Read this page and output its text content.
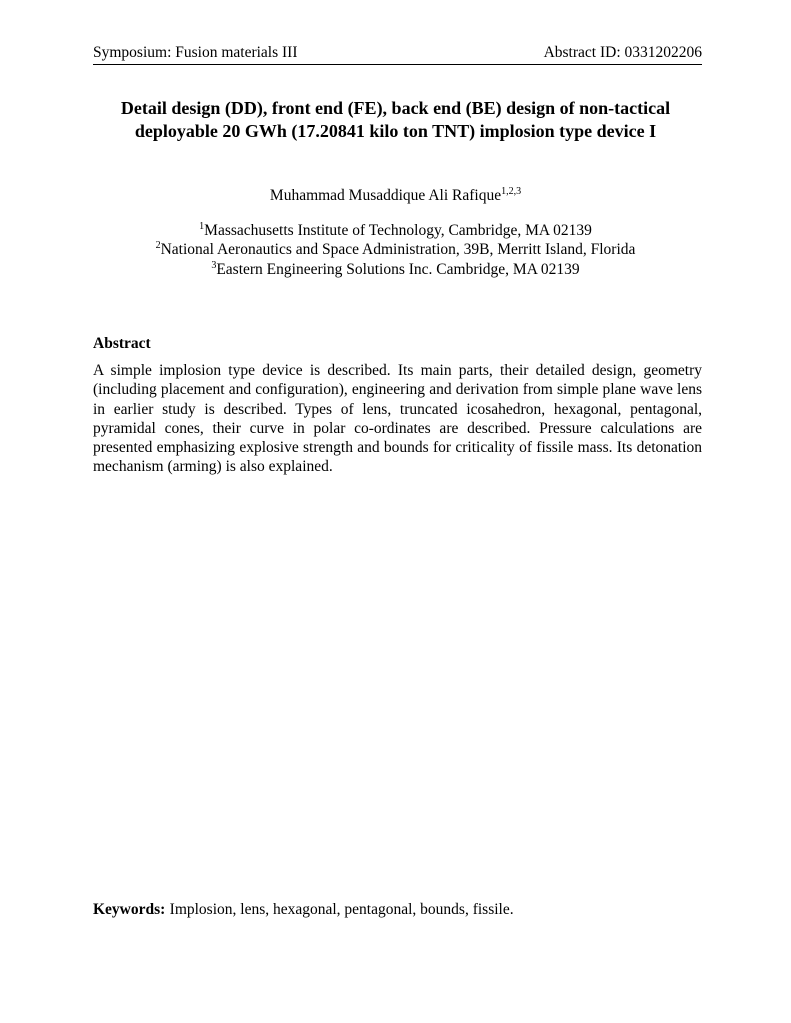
Symposium: Fusion materials III	Abstract ID: 0331202206
Detail design (DD), front end (FE), back end (BE) design of non-tactical
deployable 20 GWh (17.20841 kilo ton TNT) implosion type device I
Muhammad Musaddique Ali Rafique$^{1,2,3}$
$^1$Massachusetts Institute of Technology, Cambridge, MA 02139
$^2$National Aeronautics and Space Administration, 39B, Merritt Island, Florida
$^3$Eastern Engineering Solutions Inc. Cambridge, MA 02139
Abstract

A simple implosion type device is described. Its main parts, their detailed design, geometry (including placement and configuration), engineering and derivation from simple plane wave lens in earlier study is described. Types of lens, truncated icosahedron, hexagonal, pentagonal, pyramidal cones, their curve in polar co-ordinates are described. Pressure calculations are presented emphasizing explosive strength and bounds for criticality of fissile mass. Its detonation mechanism (arming) is also explained.

Keywords: Implosion, lens, hexagonal, pentagonal, bounds, fissile.
